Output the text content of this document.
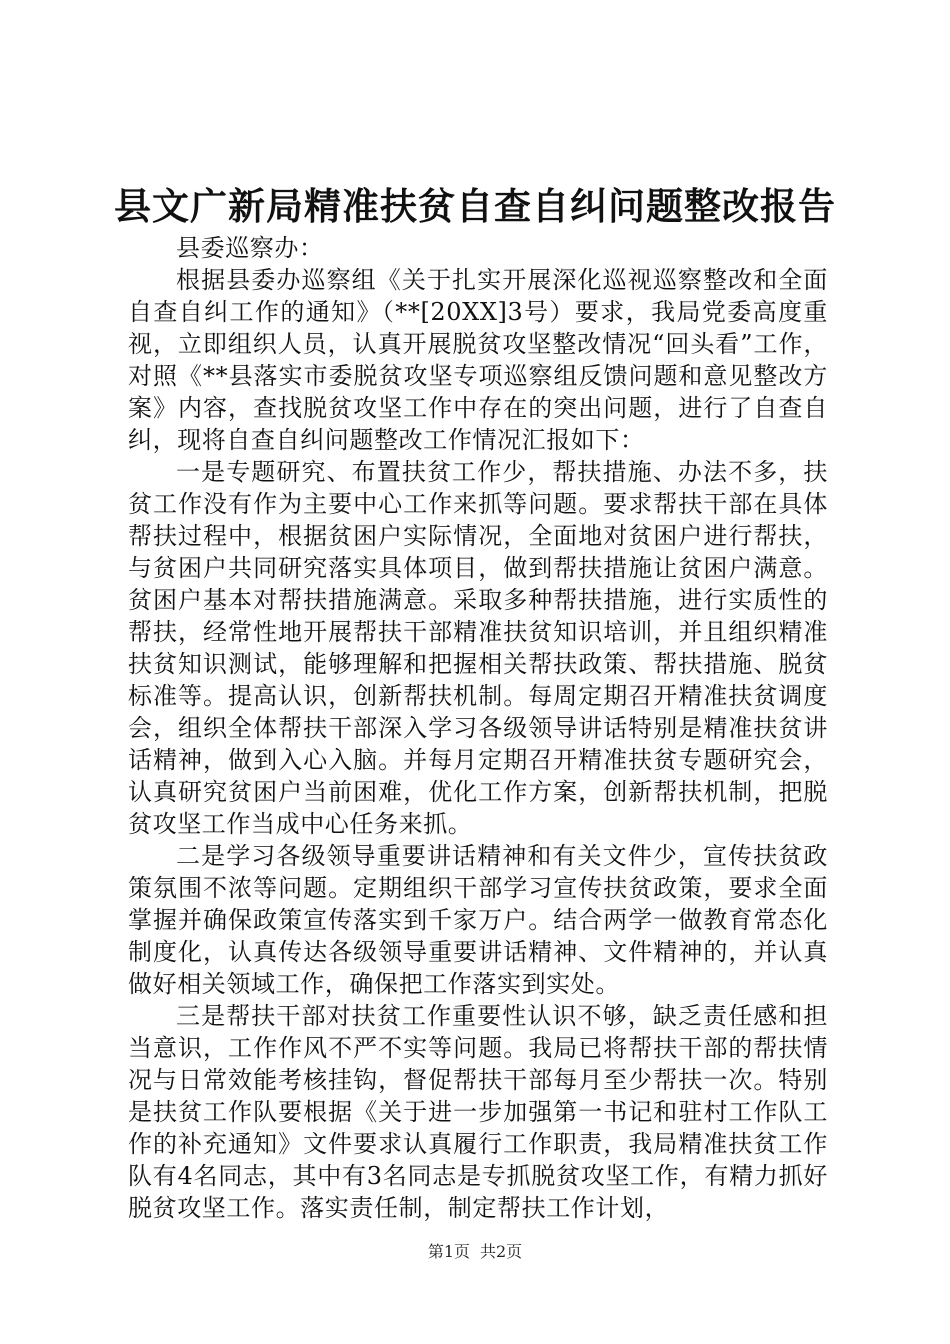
县文广新局精准扶贫自查自纠问题整改报告

县委巡察办：

根据县委办巡察组《关于扎实开展深化巡视巡察整改和全面自查自纠工作的通知》（**[20XX]3号）要求，我局党委高度重视，立即组织人员，认真开展脱贫攻坚整改情况“回头看”工作，对照《**县落实市委脱贫攻坚专项巡察组反馈问题和意见整改方案》内容，查找脱贫攻坚工作中存在的突出问题，进行了自查自纠，现将自查自纠问题整改工作情况汇报如下：

一是专题研究、布置扶贫工作少，帮扶措施、办法不多，扶贫工作没有作为主要中心工作来抓等问题。要求帮扶干部在具体帮扶过程中，根据贫困户实际情况，全面地对贫困户进行帮扶，与贫困户共同研究落实具体项目，做到帮扶措施让贫困户满意。贫困户基本对帮扶措施满意。采取多种帮扶措施，进行实质性的帮扶，经常性地开展帮扶干部精准扶贫知识培训，并且组织精准扶贫知识测试，能够理解和把握相关帮扶政策、帮扶措施、脱贫标准等。提高认识，创新帮扶机制。每周定期召开精准扶贫调度会，组织全体帮扶干部深入学习各级领导讲话特别是精准扶贫讲话精神，做到入心入脑。并每月定期召开精准扶贫专题研究会，认真研究贫困户当前困难，优化工作方案，创新帮扶机制，把脱贫攻坚工作当成中心任务来抓。

二是学习各级领导重要讲话精神和有关文件少，宣传扶贫政策氛围不浓等问题。定期组织干部学习宣传扶贫政策，要求全面掌握并确保政策宣传落实到千家万户。结合两学一做教育常态化制度化，认真传达各级领导重要讲话精神、文件精神的，并认真做好相关领域工作，确保把工作落实到实处。

三是帮扶干部对扶贫工作重要性认识不够，缺乏责任感和担当意识，工作作风不严不实等问题。我局已将帮扶干部的帮扶情况与日常效能考核挂钩，督促帮扶干部每月至少帮扶一次。特别是扶贫工作队要根据《关于进一步加强第一书记和驻村工作队工作的补充通知》文件要求认真履行工作职责，我局精准扶贫工作队有4名同志，其中有3名同志是专抓脱贫攻坚工作，有精力抓好脱贫攻坚工作。落实责任制，制定帮扶工作计划，

第1页 共2页
